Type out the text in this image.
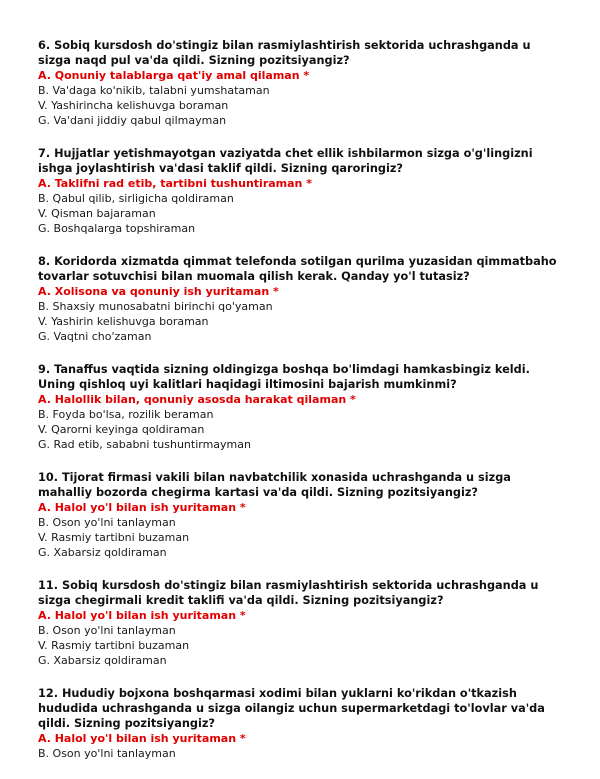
6. Sobiq kursdosh do'stingiz bilan rasmiylashtirish sektorida uchrashganda u sizga naqd pul va'da qildi. Sizning pozitsiyangiz?

A. Qonuniy talablarga qat'iy amal qilaman *

B. Va'daga ko'nikib, talabni yumshataman

V. Yashirincha kelishuvga boraman

G. Va'dani jiddiy qabul qilmayman

7. Hujjatlar yetishmayotgan vaziyatda chet ellik ishbilarmon sizga o'g'lingizni ishga joylashtirish va'dasi taklif qildi. Sizning qaroringiz?

A. Taklifni rad etib, tartibni tushuntiraman *

B. Qabul qilib, sirligicha qoldiraman

V. Qisman bajaraman

G. Boshqalarga topshiraman

8. Koridorda xizmatda qimmat telefonda sotilgan qurilma yuzasidan qimmatbaho tovarlar sotuvchisi bilan muomala qilish kerak. Qanday yo'l tutasiz?

A. Xolisona va qonuniy ish yuritaman *

B. Shaxsiy munosabatni birinchi qo'yaman

V. Yashirin kelishuvga boraman

G. Vaqtni cho'zaman

9. Tanaffus vaqtida sizning oldingizga boshqa bo'limdagi hamkasbingiz keldi. Uning qishloq uyi kalitlari haqidagi iltimosini bajarish mumkinmi?

A. Halollik bilan, qonuniy asosda harakat qilaman *

B. Foyda bo'lsa, rozilik beraman

V. Qarorni keyinga qoldiraman

G. Rad etib, sababni tushuntirmayman

10. Tijorat firmasi vakili bilan navbatchilik xonasida uchrashganda u sizga mahalliy bozorda chegirma kartasi va'da qildi. Sizning pozitsiyangiz?

A. Halol yo'l bilan ish yuritaman *

B. Oson yo'lni tanlayman

V. Rasmiy tartibni buzaman

G. Xabarsiz qoldiraman

11. Sobiq kursdosh do'stingiz bilan rasmiylashtirish sektorida uchrashganda u sizga chegirmali kredit taklifi va'da qildi. Sizning pozitsiyangiz?

A. Halol yo'l bilan ish yuritaman *

B. Oson yo'lni tanlayman

V. Rasmiy tartibni buzaman

G. Xabarsiz qoldiraman

12. Hududiy bojxona boshqarmasi xodimi bilan yuklarni ko'rikdan o'tkazish hududida uchrashganda u sizga oilangiz uchun supermarketdagi to'lovlar va'da qildi. Sizning pozitsiyangiz?

A. Halol yo'l bilan ish yuritaman *

B. Oson yo'lni tanlayman
